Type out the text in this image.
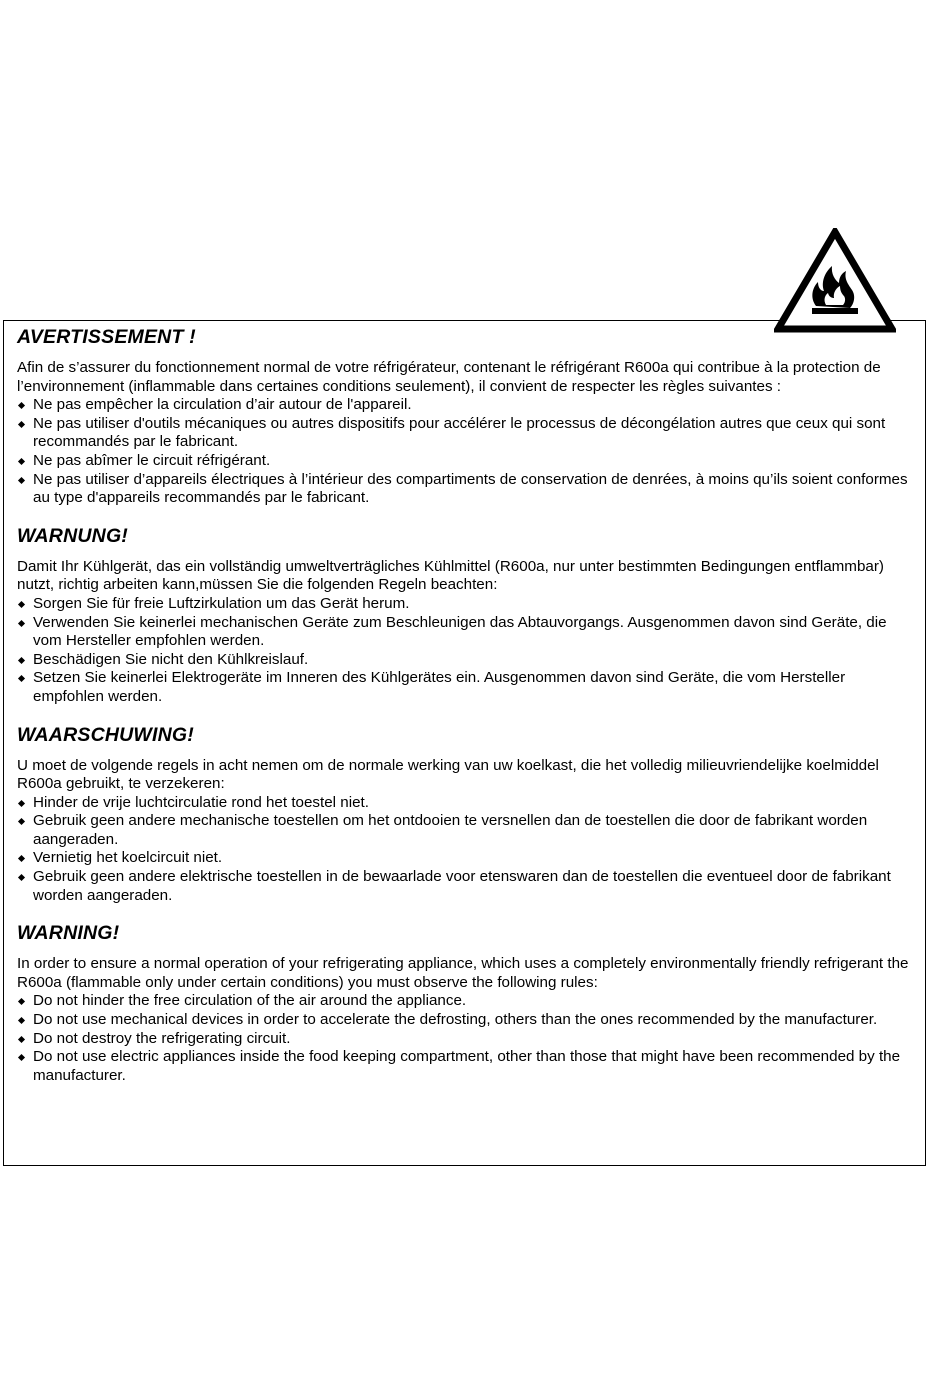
AVERTISSEMENT !

Afin de s’assurer du fonctionnement normal de votre réfrigérateur, contenant le réfrigérant R600a qui contribue à la protection de l’environnement (inflammable dans certaines conditions seulement), il convient de respecter les règles suivantes :

Ne pas empêcher la circulation d’air autour de l'appareil.
Ne pas utiliser d'outils mécaniques ou autres dispositifs pour accélérer le processus de décongélation autres que ceux qui sont recommandés par le fabricant.
Ne pas abîmer le circuit réfrigérant.
Ne pas utiliser d’appareils électriques à l’intérieur des compartiments de conservation de denrées, à moins qu’ils soient conformes au type d'appareils recommandés par le fabricant.
WARNUNG!

Damit Ihr Kühlgerät, das ein vollständig umweltverträgliches Kühlmittel (R600a, nur unter bestimmten Bedingungen entflammbar) nutzt, richtig arbeiten kann,müssen Sie die folgenden Regeln beachten:

Sorgen Sie für freie Luftzirkulation um das Gerät herum.
Verwenden Sie keinerlei mechanischen Geräte zum Beschleunigen das Abtauvorgangs. Ausgenommen davon sind Geräte, die vom Hersteller empfohlen werden.
Beschädigen Sie nicht den Kühlkreislauf.
Setzen Sie keinerlei Elektrogeräte im Inneren des Kühlgerätes ein. Ausgenommen davon sind Geräte, die vom Hersteller empfohlen werden.
WAARSCHUWING!

U moet de volgende regels in acht nemen om de normale werking van uw koelkast, die het volledig milieuvriendelijke koelmiddel R600a gebruikt, te verzekeren:

Hinder de vrije luchtcirculatie rond het toestel niet.
Gebruik geen andere mechanische toestellen om het ontdooien te versnellen dan de toestellen die door de fabrikant worden aangeraden.
Vernietig het koelcircuit niet.
Gebruik geen andere elektrische toestellen in de bewaarlade voor etenswaren dan de toestellen die eventueel door de fabrikant worden aangeraden.
WARNING!

In order to ensure a normal operation of your refrigerating appliance, which uses a completely environmentally friendly refrigerant the R600a (flammable only under certain conditions) you must observe the following rules:

Do not hinder the free circulation of the air around the appliance.
Do not use mechanical devices in order to accelerate the defrosting, others than the ones recommended by the manufacturer.
Do not destroy the refrigerating circuit.
Do not use electric appliances inside the food keeping compartment, other than those that might have been recommended by the manufacturer.
